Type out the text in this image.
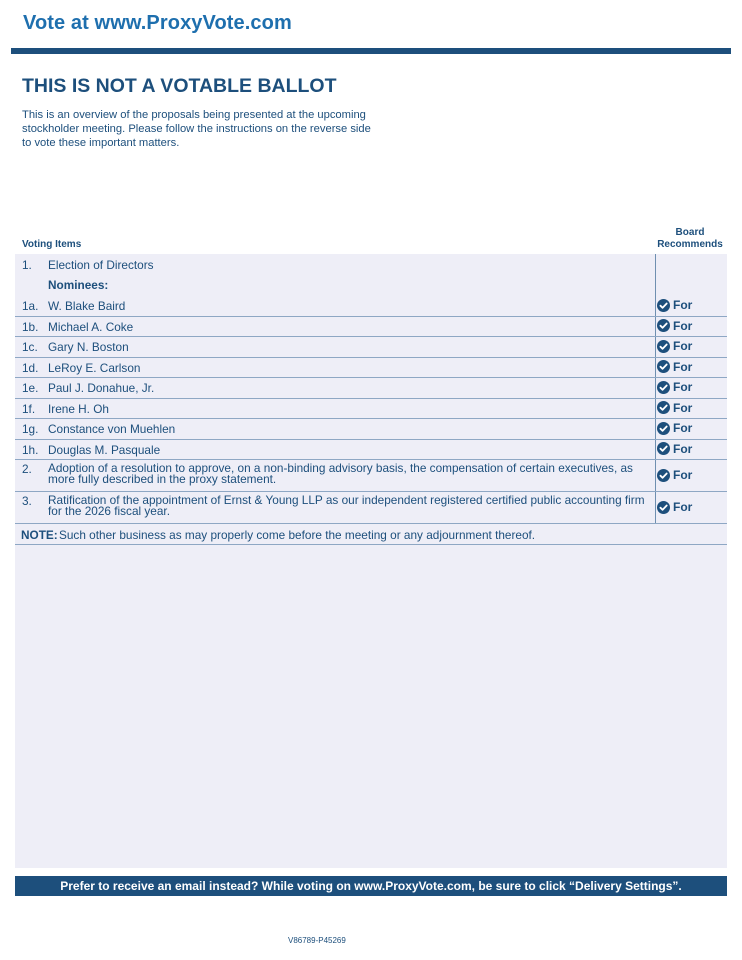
Vote at www.ProxyVote.com
THIS IS NOT A VOTABLE BALLOT
This is an overview of the proposals being presented at the upcoming stockholder meeting. Please follow the instructions on the reverse side to vote these important matters.
Voting Items
Board Recommends
1. Election of Directors
Nominees:
1a. W. Blake Baird	For
1b. Michael A. Coke	For
1c. Gary N. Boston	For
1d. LeRoy E. Carlson	For
1e. Paul J. Donahue, Jr.	For
1f. Irene H. Oh	For
1g. Constance von Muehlen	For
1h. Douglas M. Pasquale	For
2. Adoption of a resolution to approve, on a non-binding advisory basis, the compensation of certain executives, as more fully described in the proxy statement.	For
3. Ratification of the appointment of Ernst & Young LLP as our independent registered certified public accounting firm for the 2026 fiscal year.	For
NOTE: Such other business as may properly come before the meeting or any adjournment thereof.
Prefer to receive an email instead? While voting on www.ProxyVote.com, be sure to click “Delivery Settings”.
V86789-P45269
